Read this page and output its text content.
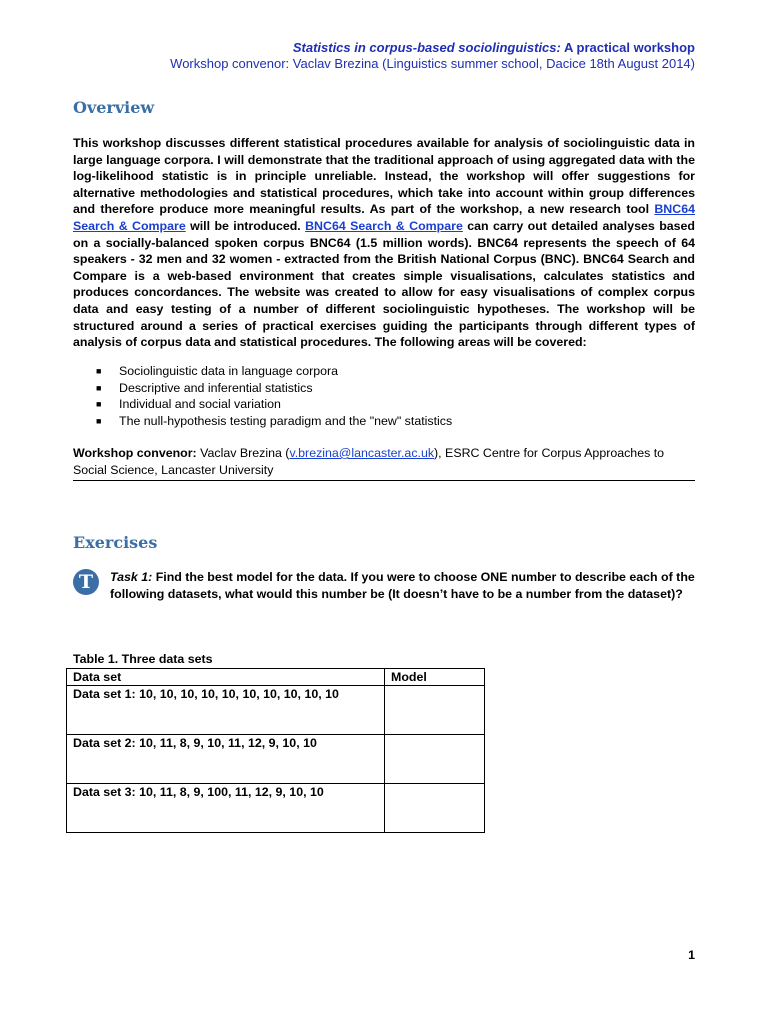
Statistics in corpus-based sociolinguistics: A practical workshop
Workshop convenor: Vaclav Brezina (Linguistics summer school, Dacice 18th August 2014)
Overview
This workshop discusses different statistical procedures available for analysis of sociolinguistic data in large language corpora. I will demonstrate that the traditional approach of using aggregated data with the log-likelihood statistic is in principle unreliable. Instead, the workshop will offer suggestions for alternative methodologies and statistical procedures, which take into account within group differences and therefore produce more meaningful results. As part of the workshop, a new research tool BNC64 Search & Compare will be introduced. BNC64 Search & Compare can carry out detailed analyses based on a socially-balanced spoken corpus BNC64 (1.5 million words). BNC64 represents the speech of 64 speakers - 32 men and 32 women - extracted from the British National Corpus (BNC). BNC64 Search and Compare is a web-based environment that creates simple visualisations, calculates statistics and produces concordances. The website was created to allow for easy visualisations of complex corpus data and easy testing of a number of different sociolinguistic hypotheses. The workshop will be structured around a series of practical exercises guiding the participants through different types of analysis of corpus data and statistical procedures. The following areas will be covered:
■ Sociolinguistic data in language corpora
■ Descriptive and inferential statistics
■ Individual and social variation
■ The null-hypothesis testing paradigm and the "new" statistics
Workshop convenor: Vaclav Brezina (v.brezina@lancaster.ac.uk), ESRC Centre for Corpus Approaches to Social Science, Lancaster University
Exercises
T	Task 1: Find the best model for the data. If you were to choose ONE number to describe each of the following datasets, what would this number be (It doesn’t have to be a number from the dataset)?
Table 1. Three data sets
Data set	Model
Data set 1: 10, 10, 10, 10, 10, 10, 10, 10, 10, 10	
Data set 2: 10, 11, 8, 9, 10, 11, 12, 9, 10, 10	
Data set 3: 10, 11, 8, 9, 100, 11, 12, 9, 10, 10	
1
